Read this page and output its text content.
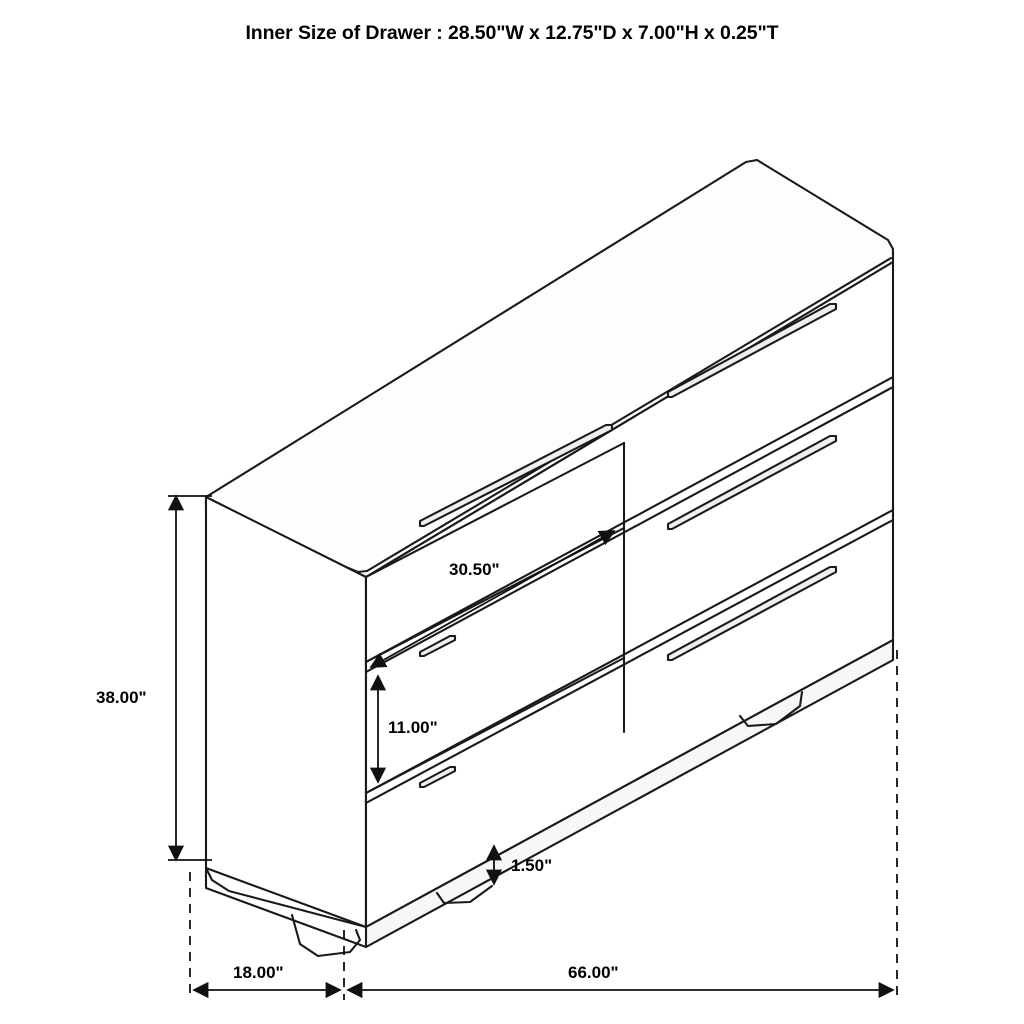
Inner Size of Drawer : 28.50"W x 12.75"D x 7.00"H x 0.25"T
38.00"
18.00"	66.00"
30.50"
11.00"
1.50"
